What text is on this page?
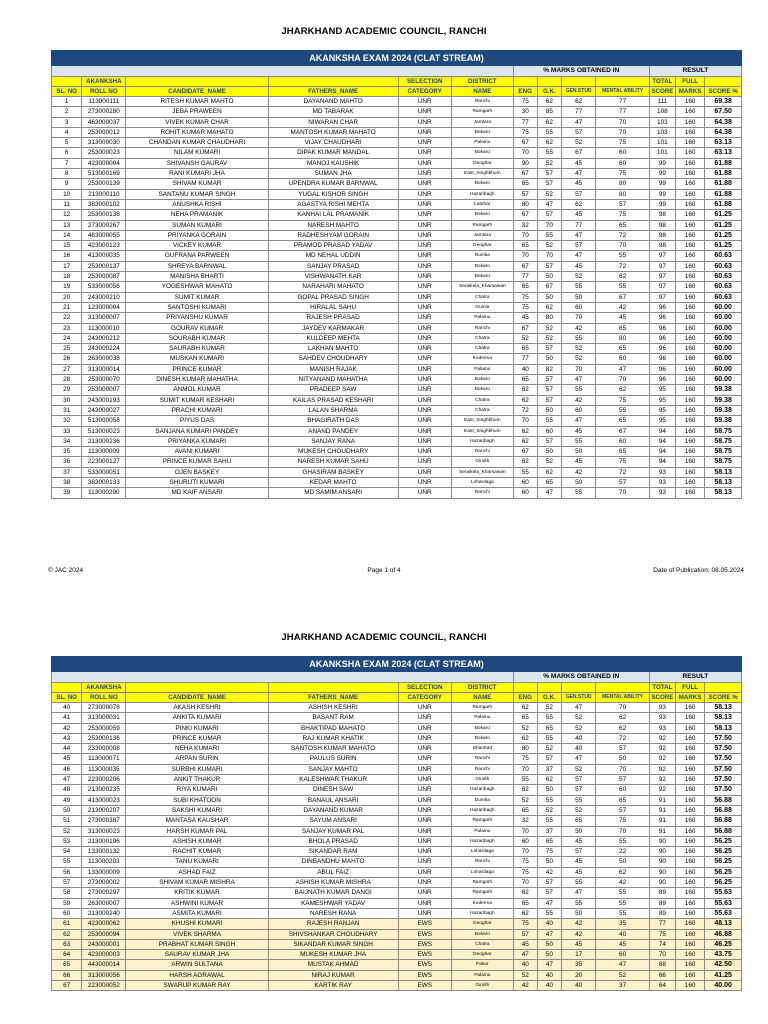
JHARKHAND ACADEMIC COUNCIL, RANCHI
AKANKSHA EXAM 2024 (CLAT STREAM)												
						% MARKS OBTAINED IN				RESULT		
	AKANKSHA			SELECTION	DISTRICT					TOTAL	FULL	
SL. NO	ROLL NO	CANDIDATE_NAME	FATHERS_NAME	CATEGORY	NAME	ENG	G.K.	GEN.STUD	MENTAL ABILITY	SCORE	MARKS	SCORE %
1	113000111	RITESH KUMAR MAHTO	DAYANAND MAHTO	UNR	Ranchi	75	62	62	77	111	160	69.38
2	273000280	JEBA PRAWEEN	MD TABARAK	UNR	Ramgarh	30	85	77	77	108	160	67.50
3	463000037	VIVEK KUMAR CHAR	NIWARAN CHAR	UNR	Jamtara	77	62	47	70	103	160	64.38
4	253000012	ROHIT KUMAR MAHATO	MANTOSH KUMAR MAHATO	UNR	Bokaro	75	55	57	70	103	160	64.38
5	313000030	CHANDAN KUMAR CHAUDHARI	VIJAY CHAUDHARI	UNR	Palamu	67	62	52	75	101	160	63.13
6	253000023	NILAM KUMARI	DIPAK KUMAR MANDAL	UNR	Bokaro	70	55	67	60	101	160	63.13
7	423000004	SHIVANSH GAURAV	MANOJ KAUSHIK	UNR	Deoghar	90	52	45	60	99	160	61.88
8	513000169	RANI KUMARI JHA	SUMAN JHA	UNR	East_Singhbhum	67	57	47	75	99	160	61.88
9	253000139	SHIVAM KUMAR	UPENDRA KUMAR BARNWAL	UNR	Bokaro	65	57	45	80	99	160	61.88
10	213000110	SANTANU KUMAR SINGH	YUGAL KISHOR SINGH	UNR	Hazaribagh	57	52	57	80	99	160	61.88
11	383000102	ANUSHKA RISHI	AGASTYA RISHI MEHTA	UNR	Latehar	80	47	62	57	99	160	61.88
12	253000138	NEHA PRAMANIK	KANHAI LAL PRAMANIK	UNR	Bokaro	67	57	45	75	98	160	61.25
13	273000267	SUMAN KUMARI	NARESH MAHTO	UNR	Ramgarh	32	70	77	65	98	160	61.25
14	463000055	PRIYANKA GORAIN	RADHESHYAM GORAIN	UNR	Jamtara	70	55	47	72	98	160	61.25
15	423000123	VICKEY KUMAR	PRAMOD PRASAD YADAV	UNR	Deoghar	65	52	57	70	98	160	61.25
16	413000035	GUFRANA PARWEEN	MD NEHAL UDDIN	UNR	Dumka	70	70	47	55	97	160	60.63
17	253000137	SHREYA BARNWAL	SANJAY PRASAD	UNR	Bokaro	67	57	45	72	97	160	60.63
18	253000087	MANISHA BHARTI	VISHWANATH KAR	UNR	Bokaro	77	50	52	62	97	160	60.63
19	533000056	YOGESHWAR MAHATO	NARAHARI MAHATO	UNR	Seraikela_Kharsawan	65	67	55	55	97	160	60.63
20	243000210	SUMIT KUMAR	GOPAL PRASAD SINGH	UNR	Chatra	75	50	50	67	97	160	60.63
21	123000004	SANTOSHI KUMARI	HIRALAL SAHU	UNR	Gumla	75	62	60	42	96	160	60.00
22	313000007	PRIYANSHU KUMAR	RAJESH PRASAD	UNR	Palamu	45	80	70	45	96	160	60.00
23	113000010	GOURAV KUMAR	JAYDEV KARMAKAR	UNR	Ranchi	67	52	42	65	96	160	60.00
24	243000212	SOURABH KUMAR	KULDEEP MEHTA	UNR	Chatra	52	52	55	80	96	160	60.00
25	243000224	SAURABH KUMAR	LAKHAN MAHTO	UNR	Chatra	65	57	52	65	96	160	60.00
26	263000038	MUSKAN KUMARI	SAHDEV CHOUDHARY	UNR	Koderma	77	50	52	60	96	160	60.00
27	313000014	PRINCE KUMAR	MANISH RAJAK	UNR	Palamu	40	82	70	47	96	160	60.00
28	253000070	DINESH KUMAR MAHATHA	NITYANAND MAHATHA	UNR	Bokaro	65	57	47	70	96	160	60.00
29	253000007	ANMOL KUMAR	PRADEEP SAW	UNR	Bokaro	62	57	55	62	95	160	59.38
30	243000193	SUMIT KUMAR KESHARI	KAILAS PRASAD KESHARI	UNR	Chatra	62	57	42	75	95	160	59.38
31	243000027	PRACHI KUMARI	LALAN SHARMA	UNR	Chatra	72	50	60	55	95	160	59.38
32	513000058	PIYUS DAS	BHAGIRATH DAS	UNR	East_Singhbhum	70	55	47	65	95	160	59.38
33	513000023	SANJANA KUMARI PANDEY	ANAND PANDEY	UNR	East_Singhbhum	62	60	45	67	94	160	58.75
34	213000236	PRIYANKA KUMARI	SANJAY RANA	UNR	Hazaribagh	62	57	55	60	94	160	58.75
35	113000009	AVANI KUMARI	MUKESH CHOUDHARY	UNR	Ranchi	67	50	50	65	94	160	58.75
36	223000127	PRINCE KUMAR SAHU	NARESH KUMAR SAHU	UNR	Giridih	62	52	45	75	94	160	58.75
37	533000051	OJEN BASKEY	GHASIRAM BASKEY	UNR	Seraikela_Kharsawan	55	62	42	72	93	160	58.13
38	383000133	SHURUTI KUMARI	KEDAR MAHTO	UNR	Lohardaga	60	65	50	57	93	160	58.13
39	113000290	MD KAIF ANSARI	MD SAMIM ANSARI	UNR	Ranchi	60	47	55	70	93	160	58.13
© JAC 2024	Page 1 of 4	Date of Publication: 08.05.2024
JHARKHAND ACADEMIC COUNCIL, RANCHI
AKANKSHA EXAM 2024 (CLAT STREAM)												
						% MARKS OBTAINED IN				RESULT		
	AKANKSHA			SELECTION	DISTRICT					TOTAL	FULL	
SL. NO	ROLL NO	CANDIDATE_NAME	FATHERS_NAME	CATEGORY	NAME	ENG	G.K.	GEN.STUD	MENTAL ABILITY	SCORE	MARKS	SCORE %
40	273000078	AKASH KESHRI	ASHISH KESHRI	UNR	Ramgarh	62	52	47	70	93	160	58.13
41	313000031	ANKITA KUMARI	BASANT RAM	UNR	Palamu	65	55	52	62	93	160	58.13
42	253000059	PINKI KUMARI	BHAKTIPAD MAHATO	UNR	Bokaro	52	65	52	62	93	160	58.13
43	253000136	PRINCE KUMAR	RAJ KUMAR KHATIK	UNR	Bokaro	62	55	40	72	92	160	57.50
44	233000008	NEHA KUMARI	SANTOSH KUMAR MAHATO	UNR	Dhanbad	80	52	40	57	92	160	57.50
45	113000071	ARPAN SURIN	PAULUS SURIN	UNR	Ranchi	75	57	47	50	92	160	57.50
46	113000035	SURBHI KUMARI	SANJAY MAHTO	UNR	Ranchi	70	37	52	70	92	160	57.50
47	223000206	ANKIT THAKUR	KALESHWAR THAKUR	UNR	Giridih	55	62	57	57	92	160	57.50
48	213000235	RIYA KUMARI	DINESH SAW	UNR	Hazaribagh	62	50	57	60	92	160	57.50
49	413000023	SUBI KHATOON	BANAUL ANSARI	UNR	Dumka	52	55	55	65	91	160	56.88
50	213000207	SAKSHI KUMARI	DAYANAND KUMAR	UNR	Hazaribagh	65	52	52	57	91	160	56.88
51	273000387	MANTASA KAUSHAR	SAYUM ANSARI	UNR	Ramgarh	32	55	65	75	91	160	56.88
52	313000023	HARSH KUMAR PAL	SANJAY KUMAR PAL	UNR	Palamu	70	37	50	70	91	160	56.88
53	213000196	ASHISH KUMAR	BHOLA PRASAD	UNR	Hazaribagh	60	65	45	55	90	160	56.25
54	133000132	RACHIT KUMAR	SIKANDAR RAM	UNR	Lohardaga	70	75	57	22	90	160	56.25
55	113000203	TANU KUMARI	DINBANDHU MAHTO	UNR	Ranchi	75	50	45	50	90	160	56.25
56	133000009	ASHAD FAIZ	ABUL FAIZ	UNR	Lohardaga	75	42	45	62	90	160	56.25
57	273000002	SHIVAM KUMAR MISHRA	ASHISH KUMAR MISHRA	UNR	Ramgarh	70	57	55	42	90	160	56.25
58	273000297	KRITIK KUMAR	BAIJNATH KUMAR DANGI	UNR	Ramgarh	62	57	47	55	89	160	55.63
59	263000007	ASHWINI KUMAR	KAMESHWAR YADAV	UNR	Koderma	65	47	55	55	89	160	55.63
60	213000240	ASMITA KUMARI	NARESH RANA	UNR	Hazaribagh	62	55	50	55	89	160	55.63
61	423000062	KHUSHI KUMARI	RAJESH RANJAN	EWS	Deoghar	75	40	42	35	77	160	48.13
62	253000094	VIVEK SHARMA	SHIVSHANKAR CHOUDHARY	EWS	Bokaro	57	47	42	40	75	160	46.88
63	243000001	PRABHAT KUMAR SINGH	SIKANDAR KUMAR SINGH	EWS	Chatra	45	50	45	45	74	160	46.25
64	423000003	SAURAV KUMAR JHA	MUKESH KUMAR JHA	EWS	Deoghar	47	50	17	60	70	160	43.75
65	443000014	ARWIN SULTANA	MUSTAK AHMAD	EWS	Pakur	40	47	35	47	68	160	42.50
66	313000056	HARSH AGRAWAL	NIRAJ KUMAR	EWS	Palamu	52	40	20	52	66	160	41.25
67	223000052	SWARUP KUMAR RAY	KARTIK RAY	EWS	Giridih	42	40	40	37	64	160	40.00
